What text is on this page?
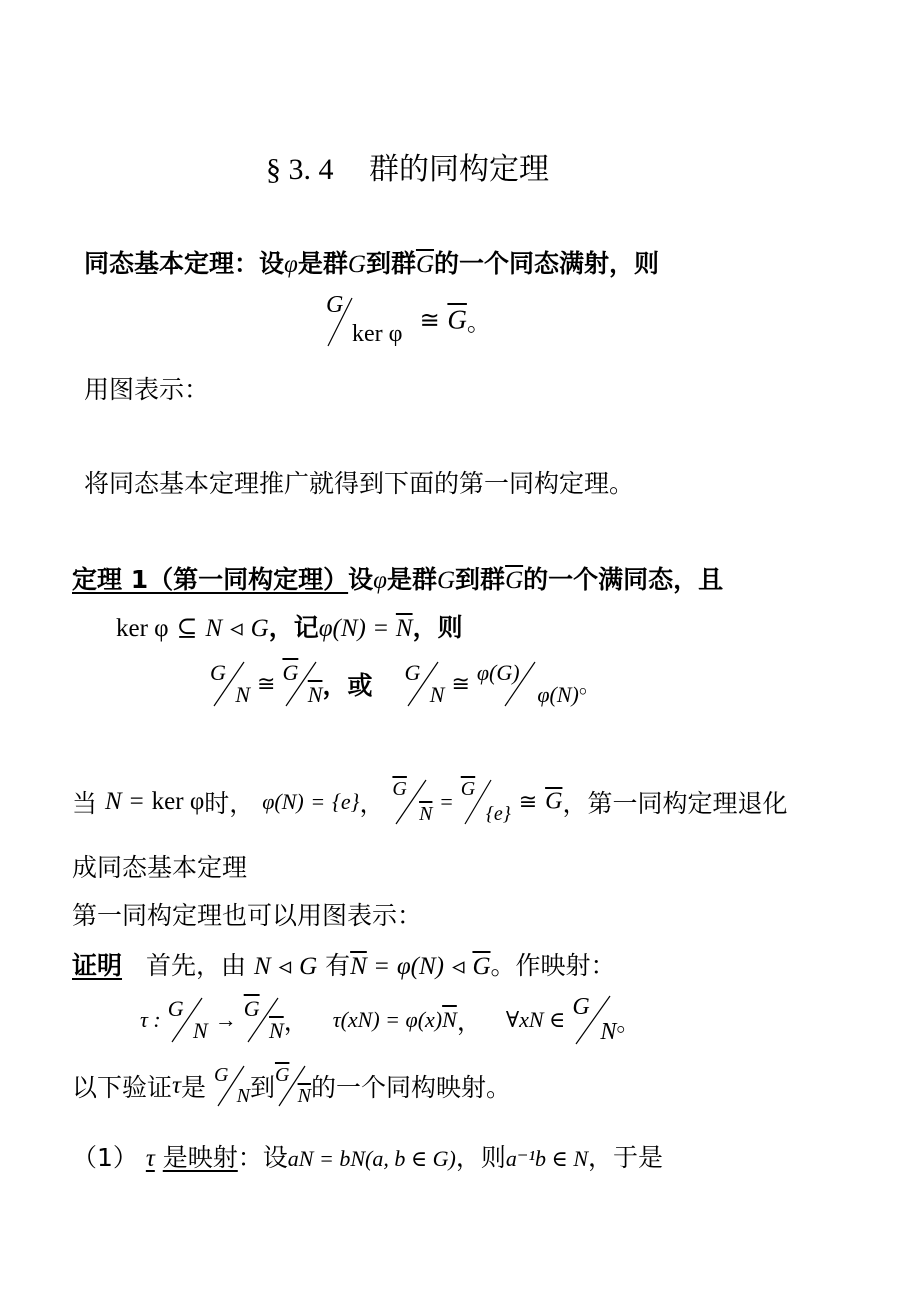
§ 3. 4 群的同构定理
同态基本定理：设φ是群G到群$\overline{G}$的一个同态满射，则
G
ker φ
≅ $\overline{G}$。
用图表示：
将同态基本定理推广就得到下面的第一同构定理。
定理 1（第一同构定理）设φ是群G到群$\overline{G}$的一个满同态，且
ker φ ⊆ N ◃ G，记$\varphi(N) = \overline{N}$，则
G
N ≅ $\overline{G}$
$\overline{N}$ ，或 G
N ≅ φ(G)
φ(N) 。
当 N = ker φ时， φ(N) = {e}， $\overline{G}$
$\overline{N} = \overline{G}$
{e} ≅ $\overline{G}$，第一同构定理退化
成同态基本定理
第一同构定理也可以用图表示：
证明 首先，由 N ◃ G 有$\overline{N} = \varphi(N)$ ◃ $\overline{G}$。作映射：
τ : G
$N \to \overline{G}$
$\overline{N}$ ， $\tau(xN) = \varphi(x)\overline{N}$， ∀xN ∈ G
N 。
以下验证τ是 G
N 到 $\overline{G}$
$\overline{N}$ 的一个同构映射。
（1） τ 是映射：设aN = bN(a, b ∈ G)，则a⁻¹b ∈ N，于是
